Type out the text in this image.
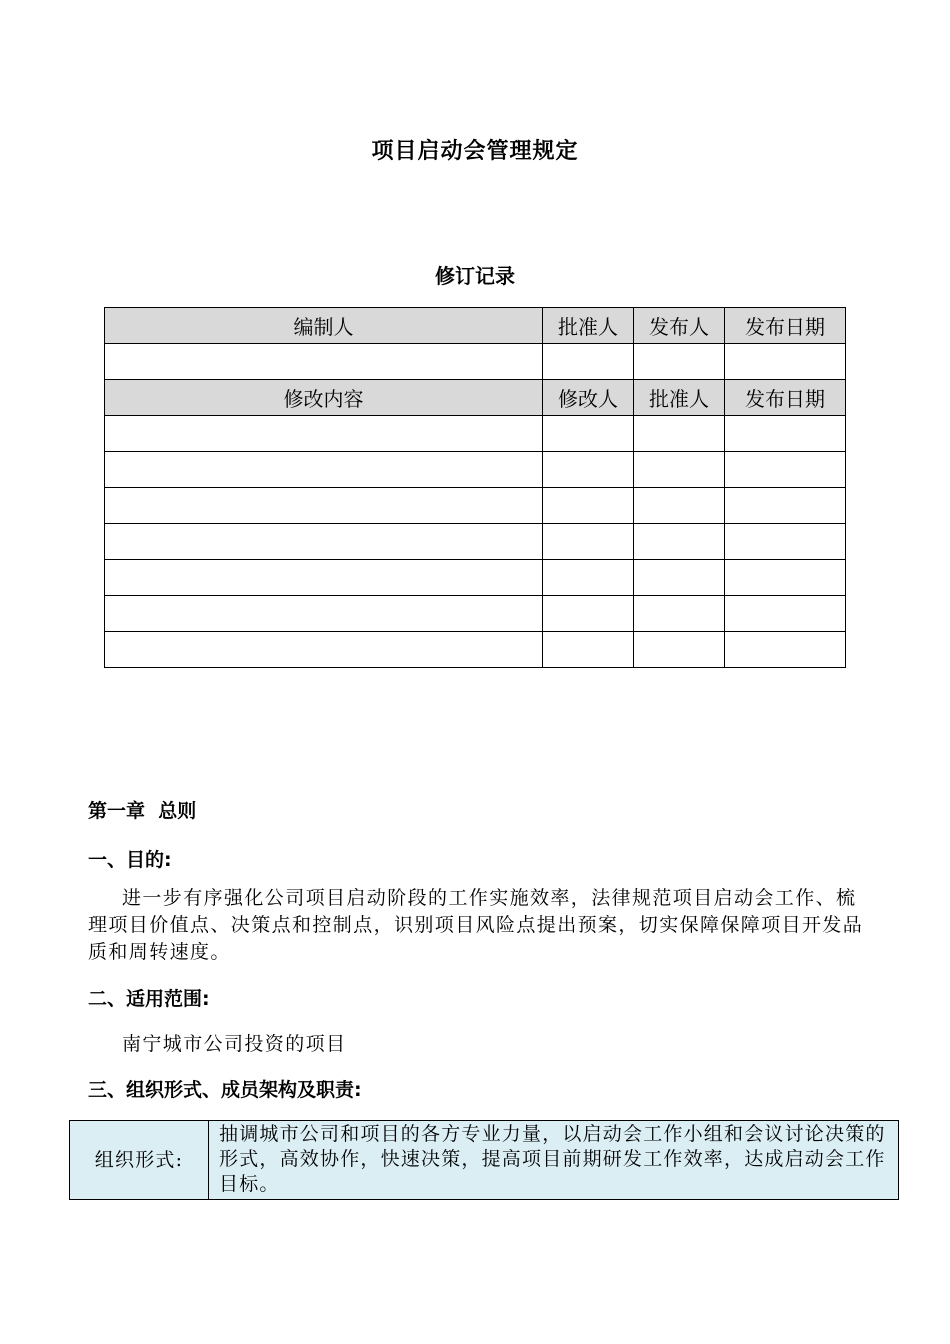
项目启动会管理规定
修订记录
编制人	批准人	发布人	发布日期

修改内容	修改人	批准人	发布日期

第一章  总则
一、目的:
进一步有序强化公司项目启动阶段的工作实施效率，法律规范项目启动会工作、梳理项目价值点、决策点和控制点，识别项目风险点提出预案，切实保障保障项目开发品质和周转速度。
二、适用范围:
南宁城市公司投资的项目
三、组织形式、成员架构及职责:
组织形式:	抽调城市公司和项目的各方专业力量，以启动会工作小组和会议讨论决策的形式，高效协作，快速决策，提高项目前期研发工作效率，达成启动会工作目标。
